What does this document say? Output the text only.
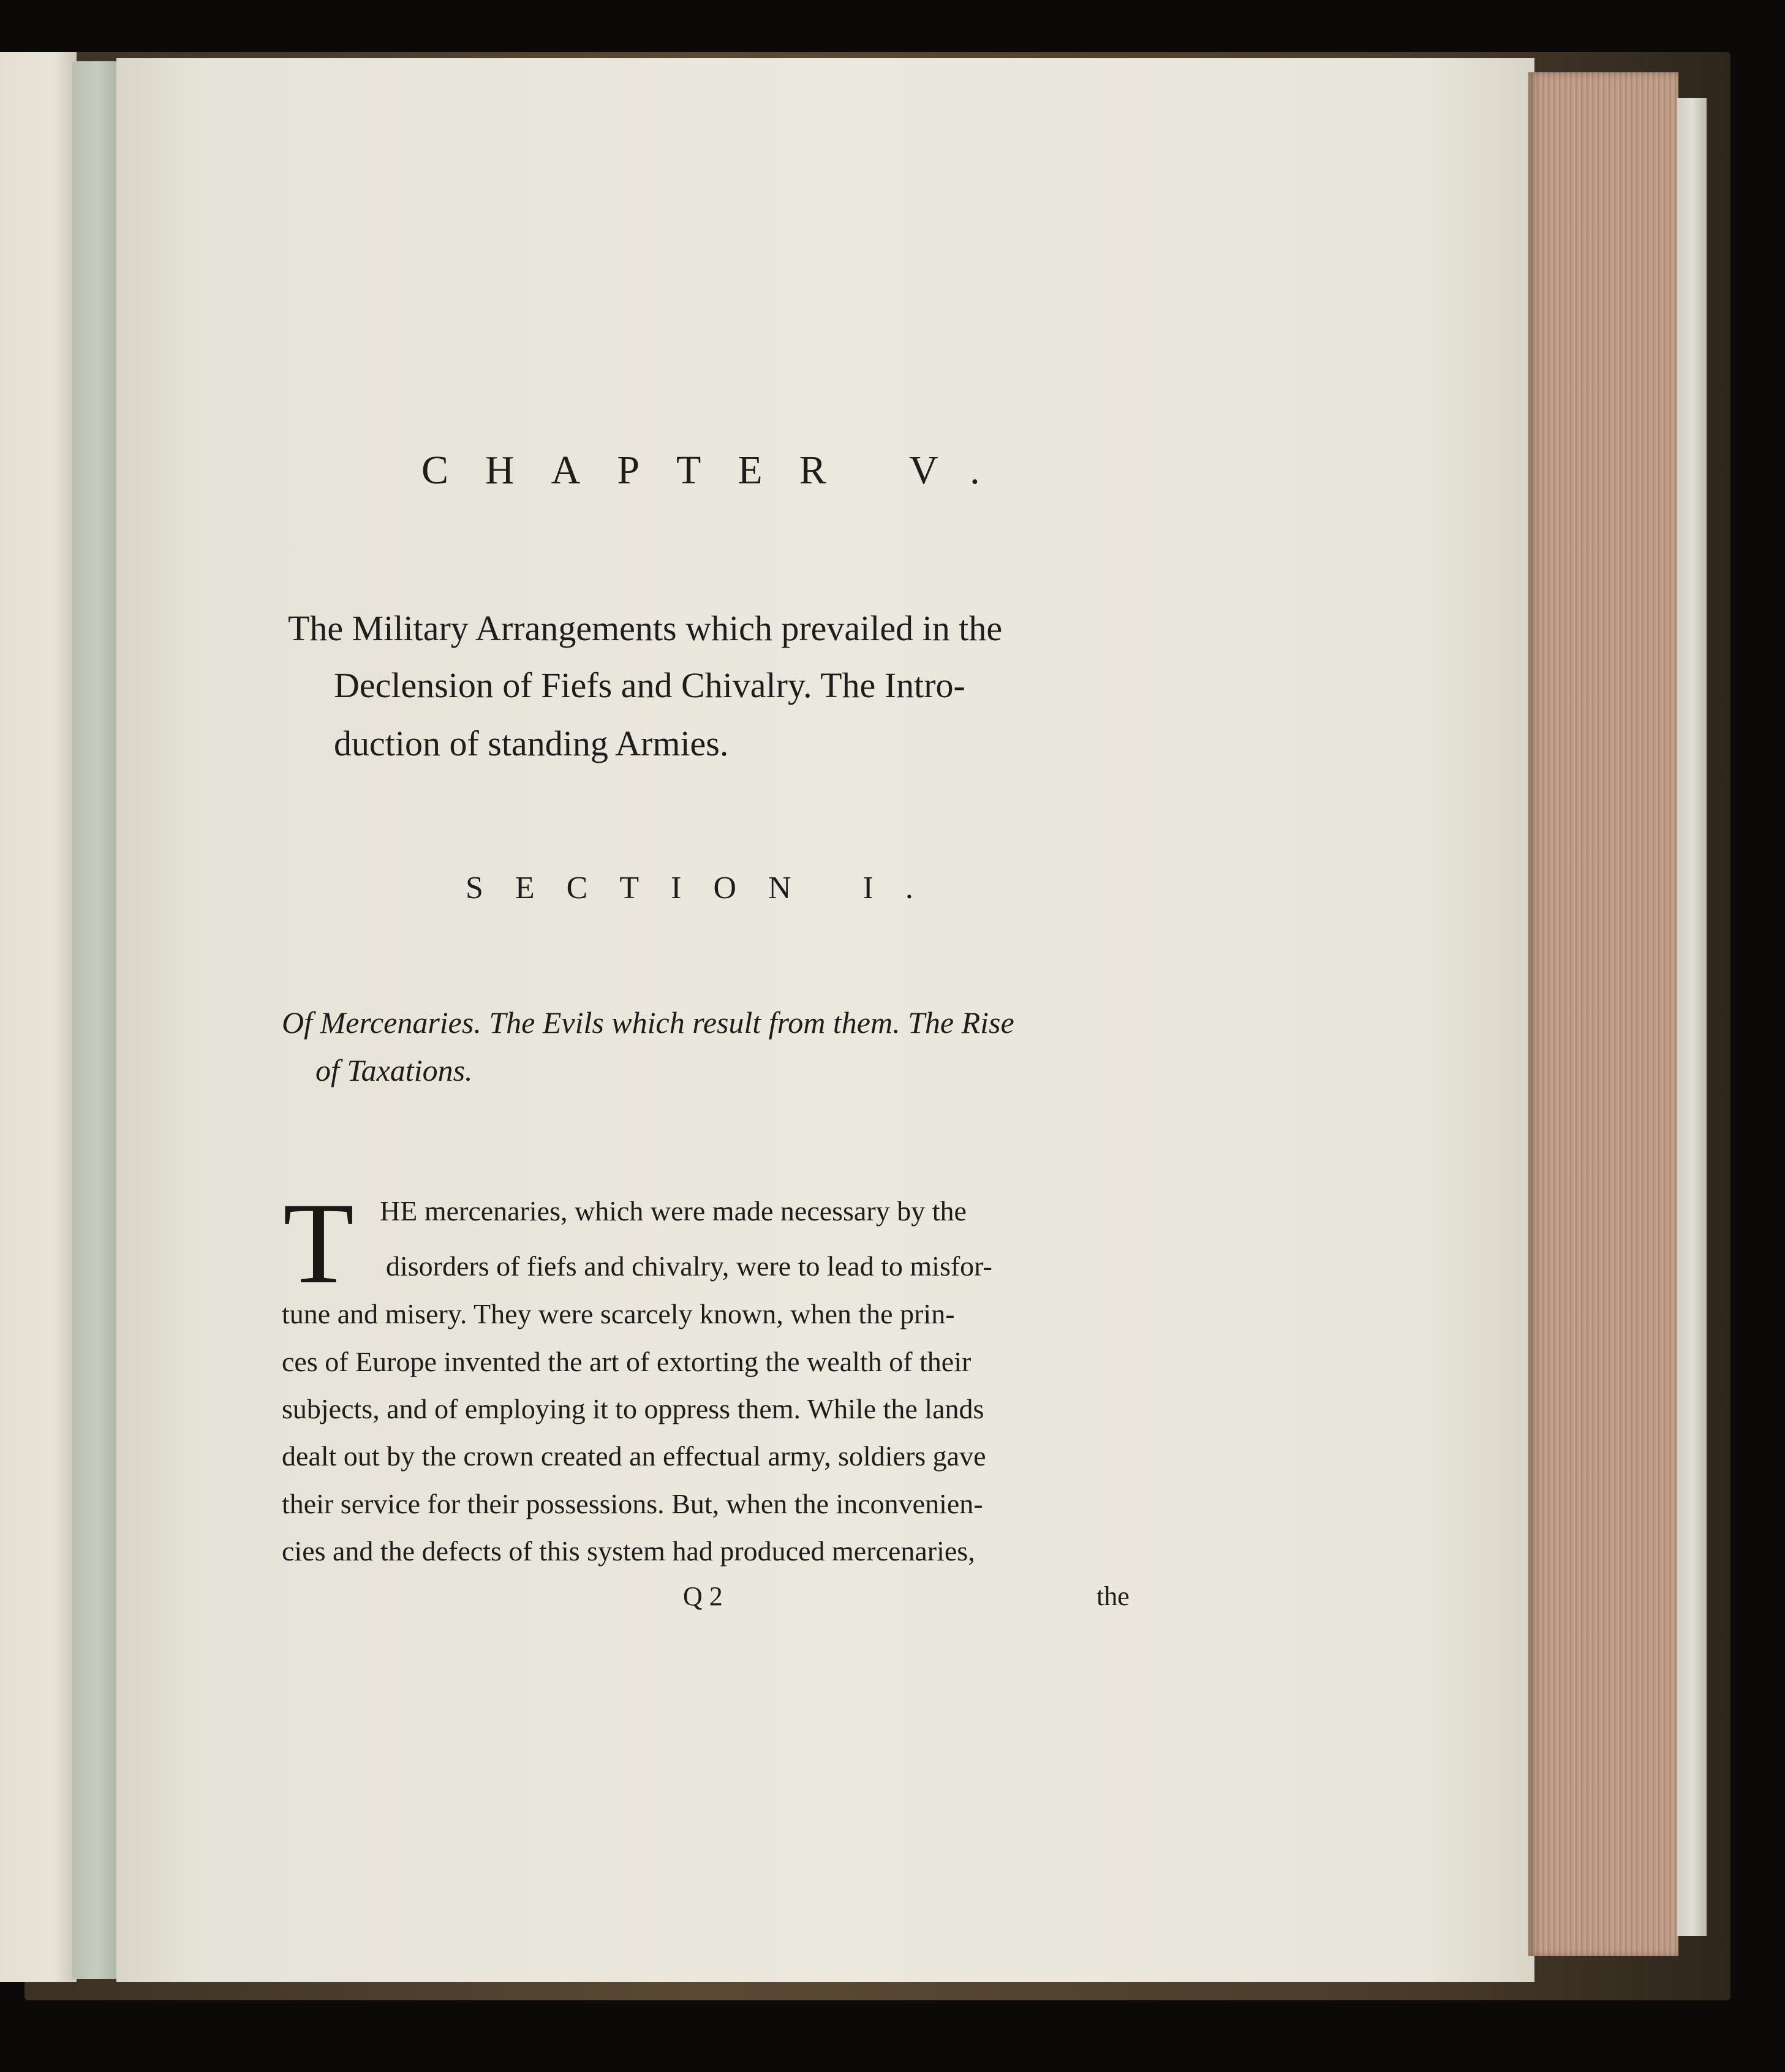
CHAPTER V.
The Military Arrangements which prevailed in the
Declension of Fiefs and Chivalry. The Intro-
duction of standing Armies.
SECTION I.
Of Mercenaries. The Evils which result from them. The Rise
of Taxations.
T HE mercenaries, which were made necessary by the
disorders of fiefs and chivalry, were to lead to misfor-
tune and misery. They were scarcely known, when the prin-
ces of Europe invented the art of extorting the wealth of their
subjects, and of employing it to oppress them. While the lands
dealt out by the crown created an effectual army, soldiers gave
their service for their possessions. But, when the inconvenien-
cies and the defects of this system had produced mercenaries,
Q 2	the
